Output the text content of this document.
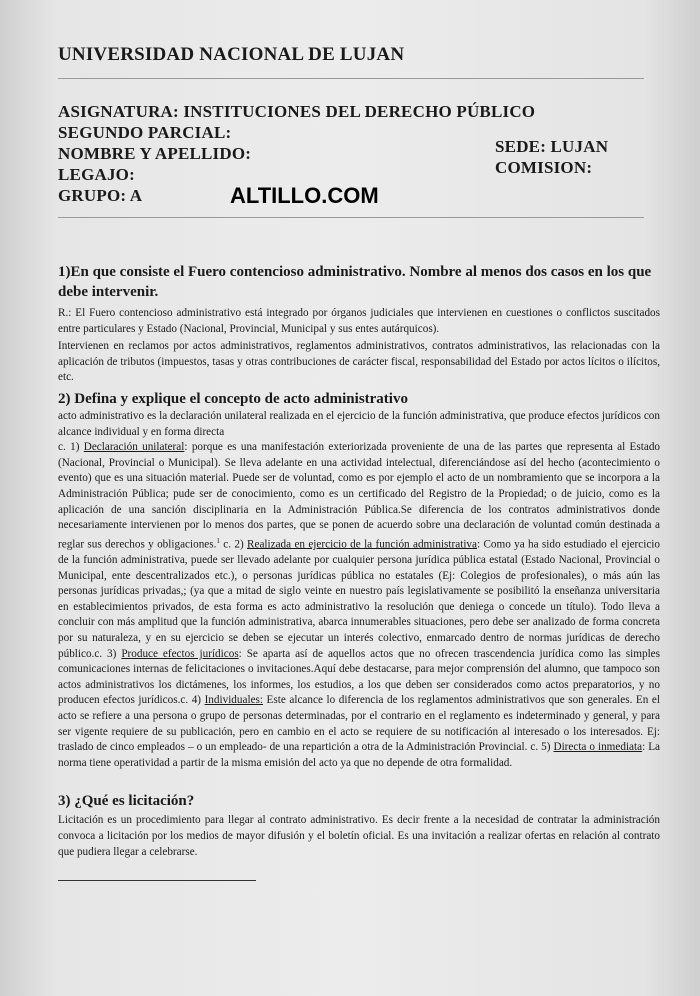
UNIVERSIDAD NACIONAL DE LUJAN
ASIGNATURA: INSTITUCIONES DEL DERECHO PÚBLICO
SEGUNDO PARCIAL:
NOMBRE Y APELLIDO:
LEGAJO:
GRUPO: A
SEDE: LUJAN
COMISION:
ALTILLO.COM

1)En que consiste el Fuero contencioso administrativo. Nombre al menos dos casos en los que debe intervenir.

R.: El Fuero contencioso administrativo está integrado por órganos judiciales que intervienen en cuestiones o conflictos suscitados entre particulares y Estado (Nacional, Provincial, Municipal y sus entes autárquicos).

Intervienen en reclamos por actos administrativos, reglamentos administrativos, contratos administrativos, las relacionadas con la aplicación de tributos (impuestos, tasas y otras contribuciones de carácter fiscal, responsabilidad del Estado por actos lícitos o ilícitos, etc.

2) Defina y explique el concepto de acto administrativo

acto administrativo es la declaración unilateral realizada en el ejercicio de la función administrativa, que produce efectos jurídicos con alcance individual y en forma directa

c. 1) Declaración unilateral: porque es una manifestación exteriorizada proveniente de una de las partes que representa al Estado (Nacional, Provincial o Municipal). Se lleva adelante en una actividad intelectual, diferenciándose así del hecho (acontecimiento o evento) que es una situación material. Puede ser de voluntad, como es por ejemplo el acto de un nombramiento que se incorpora a la Administración Pública; pude ser de conocimiento, como es un certificado del Registro de la Propiedad; o de juicio, como es la aplicación de una sanción disciplinaria en la Administración Pública.Se diferencia de los contratos administrativos donde necesariamente intervienen por lo menos dos partes, que se ponen de acuerdo sobre una declaración de voluntad común destinada a reglar sus derechos y obligaciones.$^1$ c. 2) Realizada en ejercicio de la función administrativa: Como ya ha sido estudiado el ejercicio de la función administrativa, puede ser llevado adelante por cualquier persona jurídica pública estatal (Estado Nacional, Provincial o Municipal, ente descentralizados etc.), o personas jurídicas pública no estatales (Ej: Colegios de profesionales), o más aún las personas jurídicas privadas,; (ya que a mitad de siglo veinte en nuestro país legislativamente se posibilitó la enseñanza universitaria en establecimientos privados, de esta forma es acto administrativo la resolución que deniega o concede un título). Todo lleva a concluir con más amplitud que la función administrativa, abarca innumerables situaciones, pero debe ser analizado de forma concreta por su naturaleza, y en su ejercicio se deben se ejecutar un interés colectivo, enmarcado dentro de normas jurídicas de derecho público.c. 3) Produce efectos jurídicos: Se aparta así de aquellos actos que no ofrecen trascendencia jurídica como las simples comunicaciones internas de felicitaciones o invitaciones.Aquí debe destacarse, para mejor comprensión del alumno, que tampoco son actos administrativos los dictámenes, los informes, los estudios, a los que deben ser considerados como actos preparatorios, y no producen efectos jurídicos.c. 4) Individuales: Este alcance lo diferencia de los reglamentos administrativos que son generales. En el acto se refiere a una persona o grupo de personas determinadas, por el contrario en el reglamento es indeterminado y general, y para ser vigente requiere de su publicación, pero en cambio en el acto se requiere de su notificación al interesado o los interesados. Ej: traslado de cinco empleados – o un empleado- de una repartición a otra de la Administración Provincial. c. 5) Directa o inmediata: La norma tiene operatividad a partir de la misma emisión del acto ya que no depende de otra formalidad.

3) ¿Qué es licitación?

Licitación es un procedimiento para llegar al contrato administrativo. Es decir frente a la necesidad de contratar la administración convoca a licitación por los medios de mayor difusión y el boletín oficial. Es una invitación a realizar ofertas en relación al contrato que pudiera llegar a celebrarse.
